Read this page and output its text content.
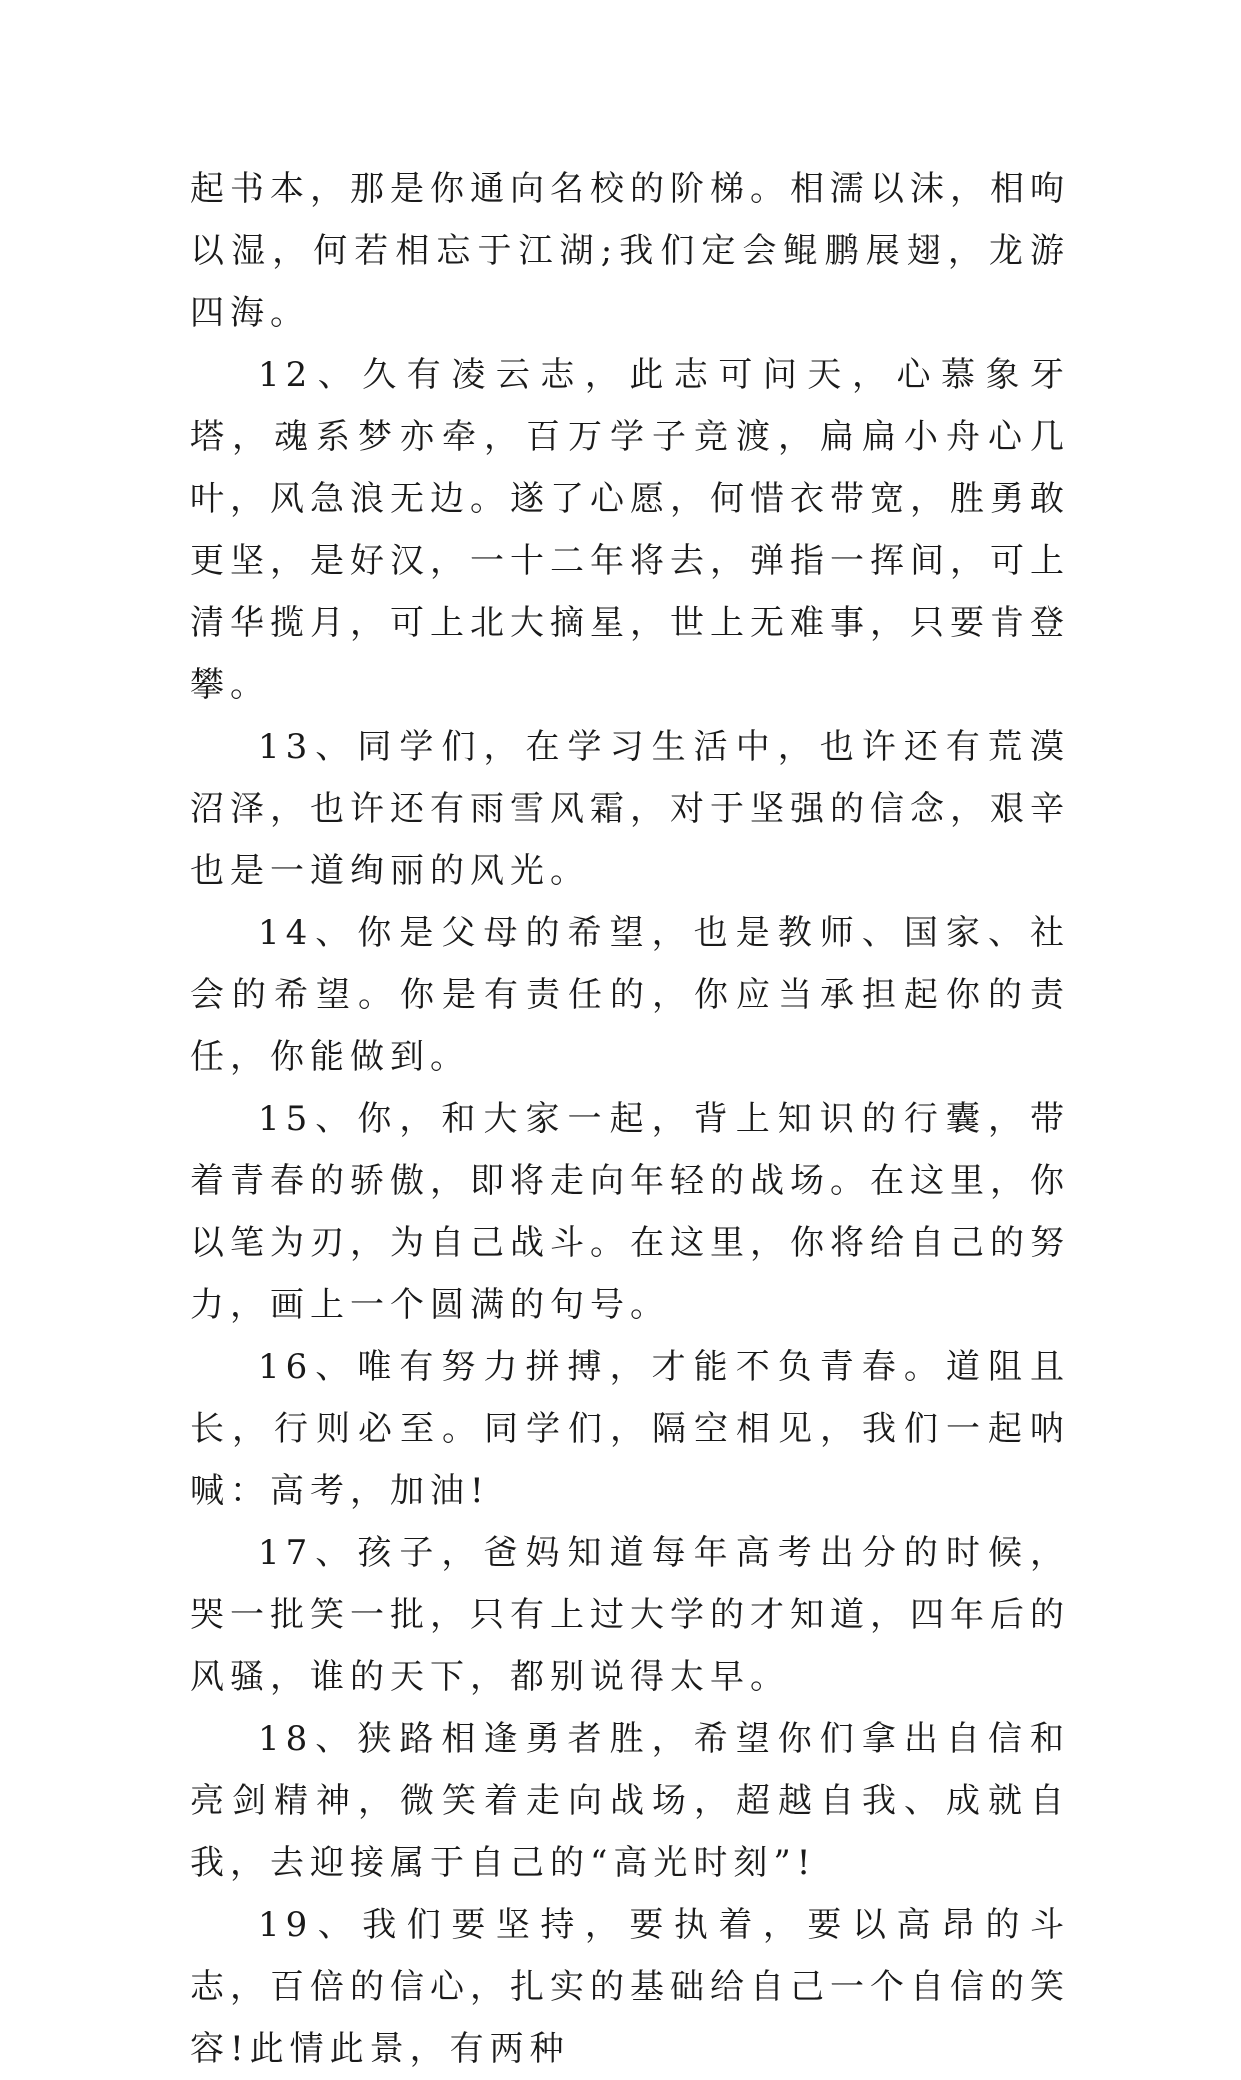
起书本，那是你通向名校的阶梯。相濡以沫，相呴以湿，何若相忘于江湖;我们定会鲲鹏展翅，龙游四海。

12、久有凌云志，此志可问天，心慕象牙塔，魂系梦亦牵，百万学子竞渡，扁扁小舟心几叶，风急浪无边。遂了心愿，何惜衣带宽，胜勇敢更坚，是好汉，一十二年将去，弹指一挥间，可上清华揽月，可上北大摘星，世上无难事，只要肯登攀。

13、同学们，在学习生活中，也许还有荒漠沼泽，也许还有雨雪风霜，对于坚强的信念，艰辛也是一道绚丽的风光。

14、你是父母的希望，也是教师、国家、社会的希望。你是有责任的，你应当承担起你的责任，你能做到。

15、你，和大家一起，背上知识的行囊，带着青春的骄傲，即将走向年轻的战场。在这里，你以笔为刃，为自己战斗。在这里，你将给自己的努力，画上一个圆满的句号。

16、唯有努力拼搏，才能不负青春。道阻且长，行则必至。同学们，隔空相见，我们一起呐喊：高考，加油!

17、孩子，爸妈知道每年高考出分的时候，哭一批笑一批，只有上过大学的才知道，四年后的风骚，谁的天下，都别说得太早。

18、狭路相逢勇者胜，希望你们拿出自信和亮剑精神，微笑着走向战场，超越自我、成就自我，去迎接属于自己的“高光时刻”!

19、我们要坚持，要执着，要以高昂的斗志，百倍的信心，扎实的基础给自己一个自信的笑容!此情此景，有两种
